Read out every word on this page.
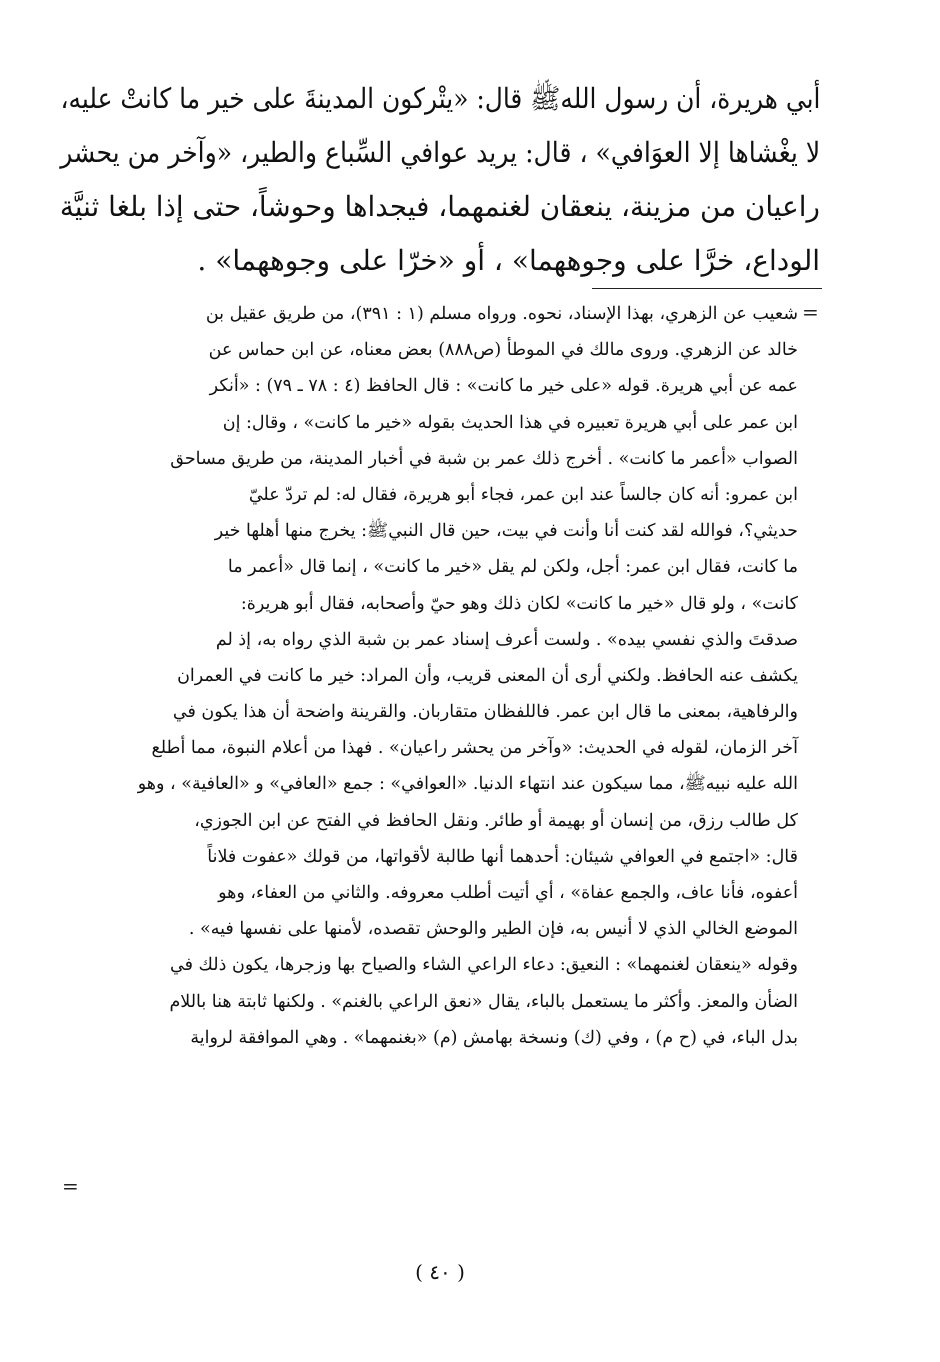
أبي هريرة، أن رسول اللهﷺ قال: «يتْركون المدينةَ على خير ما كانتْ عليه،
لا يغْشاها إلا العوَافي» ، قال: يريد عوافي السِّباع والطير، «وآخر من يحشر
راعيان من مزينة، ينعقان لغنمهما، فيجداها وحوشاً، حتى إذا بلغا ثنيَّة
الوداع، خرَّا على وجوههما» ، أو «خرّا على وجوههما» .
=
شعيب عن الزهري، بهذا الإسناد، نحوه. ورواه مسلم (١ : ٣٩١)، من طريق عقيل بن
خالد عن الزهري. وروى مالك في الموطأ (ص٨٨٨) بعض معناه، عن ابن حماس عن
عمه عن أبي هريرة. قوله «على خير ما كانت» : قال الحافظ (٤ : ٧٨ ـ ٧٩) : «أنكر
ابن عمر على أبي هريرة تعبيره في هذا الحديث بقوله «خير ما كانت» ، وقال: إن
الصواب «أعمر ما كانت» . أخرج ذلك عمر بن شبة في أخبار المدينة، من طريق مساحق
ابن عمرو: أنه كان جالساً عند ابن عمر، فجاء أبو هريرة، فقال له: لم تردّ عليّ
حديثي؟، فوالله لقد كنت أنا وأنت في بيت، حين قال النبيﷺ: يخرج منها أهلها خير
ما كانت، فقال ابن عمر: أجل، ولكن لم يقل «خير ما كانت» ، إنما قال «أعمر ما
كانت» ، ولو قال «خير ما كانت» لكان ذلك وهو حيّ وأصحابه، فقال أبو هريرة:
صدقتَ والذي نفسي بيده» . ولست أعرف إسناد عمر بن شبة الذي رواه به، إذ لم
يكشف عنه الحافظ. ولكني أرى أن المعنى قريب، وأن المراد: خير ما كانت في العمران
والرفاهية، بمعنى ما قال ابن عمر. فاللفظان متقاربان. والقرينة واضحة أن هذا يكون في
آخر الزمان، لقوله في الحديث: «وآخر من يحشر راعيان» . فهذا من أعلام النبوة، مما أطلع
الله عليه نبيهﷺ، مما سيكون عند انتهاء الدنيا. «العوافي» : جمع «العافي» و «العافية» ، وهو
كل طالب رزق، من إنسان أو بهيمة أو طائر. ونقل الحافظ في الفتح عن ابن الجوزي،
قال: «اجتمع في العوافي شيئان: أحدهما أنها طالبة لأقواتها، من قولك «عفوت فلاناً
أعفوه، فأنا عاف، والجمع عفاة» ، أي أتيت أطلب معروفه. والثاني من العفاء، وهو
الموضع الخالي الذي لا أنيس به، فإن الطير والوحش تقصده، لأمنها على نفسها فيه» .
وقوله «ينعقان لغنمهما» : النعيق: دعاء الراعي الشاء والصياح بها وزجرها، يكون ذلك في
الضأن والمعز. وأكثر ما يستعمل بالباء، يقال «نعق الراعي بالغنم» . ولكنها ثابتة هنا باللام
بدل الباء، في (ح م) ، وفي (ك) ونسخة بهامش (م) «بغنمهما» . وهي الموافقة لرواية
=
( ٤٠ )
